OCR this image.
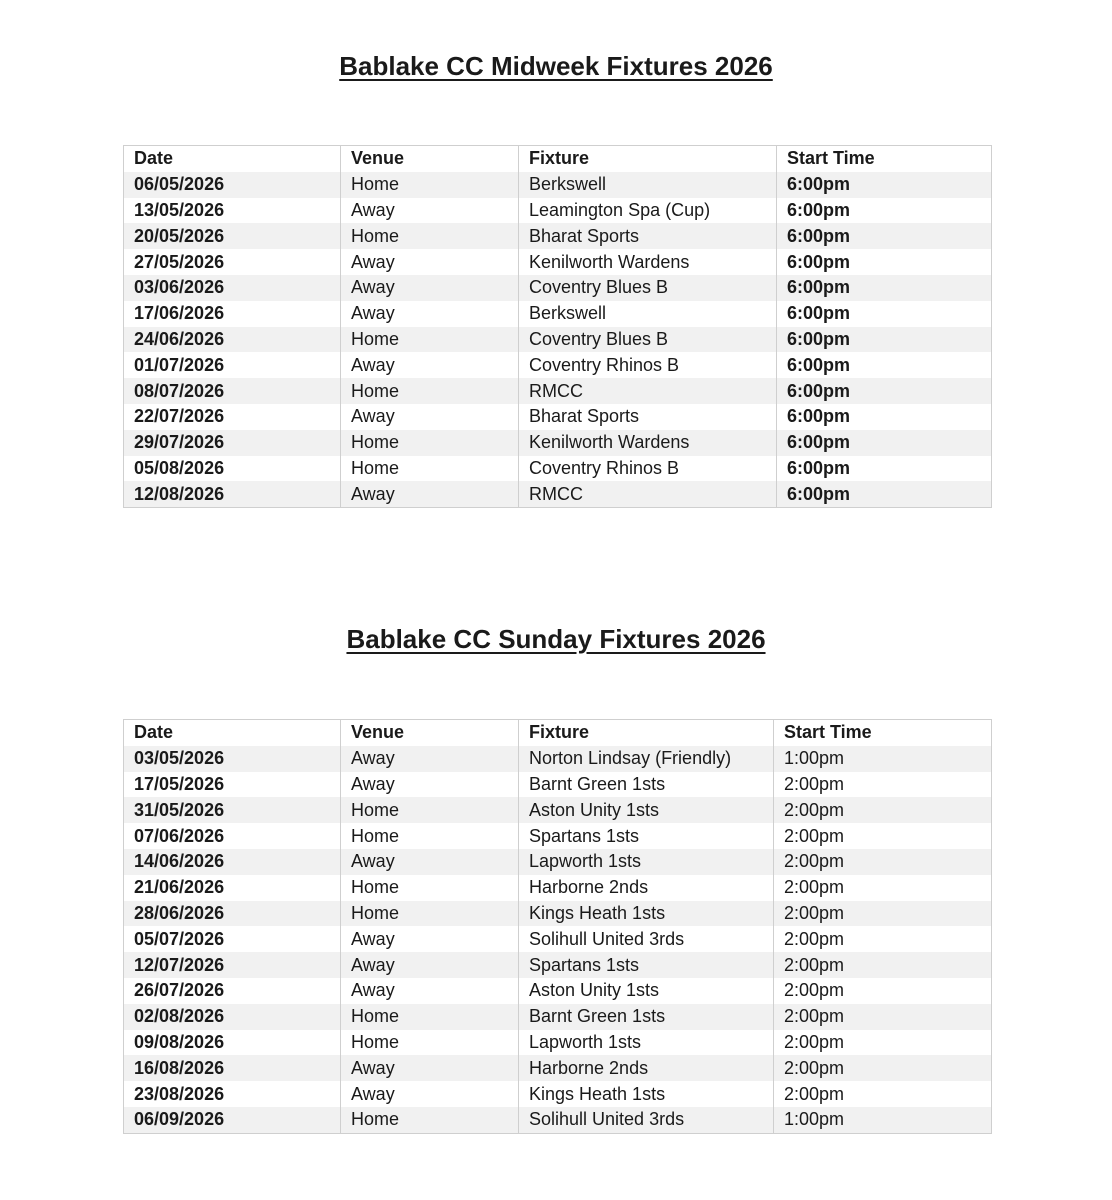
Bablake CC Midweek Fixtures 2026
Date	Venue	Fixture	Start Time
06/05/2026	Home	Berkswell	6:00pm
13/05/2026	Away	Leamington Spa (Cup)	6:00pm
20/05/2026	Home	Bharat Sports	6:00pm
27/05/2026	Away	Kenilworth Wardens	6:00pm
03/06/2026	Away	Coventry Blues B	6:00pm
17/06/2026	Away	Berkswell	6:00pm
24/06/2026	Home	Coventry Blues B	6:00pm
01/07/2026	Away	Coventry Rhinos B	6:00pm
08/07/2026	Home	RMCC	6:00pm
22/07/2026	Away	Bharat Sports	6:00pm
29/07/2026	Home	Kenilworth Wardens	6:00pm
05/08/2026	Home	Coventry Rhinos B	6:00pm
12/08/2026	Away	RMCC	6:00pm
Bablake CC Sunday Fixtures 2026
Date	Venue	Fixture	Start Time
03/05/2026	Away	Norton Lindsay (Friendly)	1:00pm
17/05/2026	Away	Barnt Green 1sts	2:00pm
31/05/2026	Home	Aston Unity 1sts	2:00pm
07/06/2026	Home	Spartans 1sts	2:00pm
14/06/2026	Away	Lapworth 1sts	2:00pm
21/06/2026	Home	Harborne 2nds	2:00pm
28/06/2026	Home	Kings Heath 1sts	2:00pm
05/07/2026	Away	Solihull United 3rds	2:00pm
12/07/2026	Away	Spartans 1sts	2:00pm
26/07/2026	Away	Aston Unity 1sts	2:00pm
02/08/2026	Home	Barnt Green 1sts	2:00pm
09/08/2026	Home	Lapworth 1sts	2:00pm
16/08/2026	Away	Harborne 2nds	2:00pm
23/08/2026	Away	Kings Heath 1sts	2:00pm
06/09/2026	Home	Solihull United 3rds	1:00pm
